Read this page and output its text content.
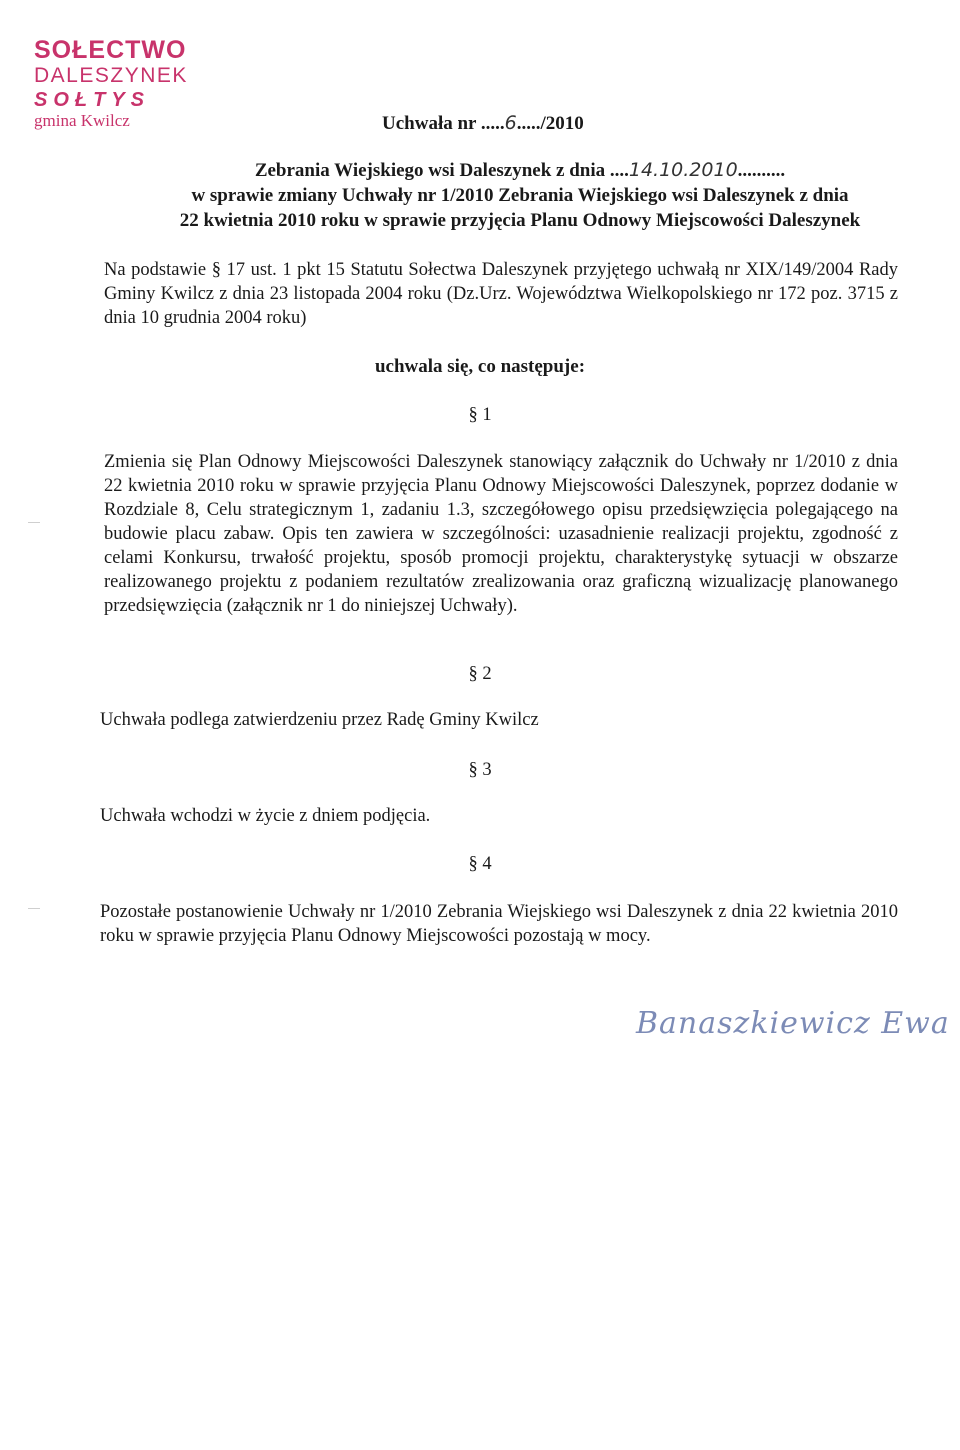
SOŁECTWO
DALESZYNEK
SOŁTYS
gmina Kwilcz	Uchwała nr .....6...../2010
Zebrania Wiejskiego wsi Daleszynek z dnia ....14.10.2010..........
w sprawie zmiany Uchwały nr 1/2010 Zebrania Wiejskiego wsi Daleszynek z dnia
22 kwietnia 2010 roku w sprawie przyjęcia Planu Odnowy Miejscowości Daleszynek
Na podstawie § 17 ust. 1 pkt 15 Statutu Sołectwa Daleszynek przyjętego uchwałą nr XIX/149/2004 Rady Gminy Kwilcz z dnia 23 listopada 2004 roku (Dz.Urz. Województwa Wielkopolskiego nr 172 poz. 3715 z dnia 10 grudnia 2004 roku)
uchwala się, co następuje:
§ 1
Zmienia się Plan Odnowy Miejscowości Daleszynek stanowiący załącznik do Uchwały nr 1/2010 z dnia 22 kwietnia 2010 roku w sprawie przyjęcia Planu Odnowy Miejscowości Daleszynek, poprzez dodanie w Rozdziale 8, Celu strategicznym 1, zadaniu 1.3, szczegółowego opisu przedsięwzięcia polegającego na budowie placu zabaw. Opis ten zawiera w szczególności: uzasadnienie realizacji projektu, zgodność z celami Konkursu, trwałość projektu, sposób promocji projektu, charakterystykę sytuacji w obszarze realizowanego projektu z podaniem rezultatów zrealizowania oraz graficzną wizualizację planowanego przedsięwzięcia (załącznik nr 1 do niniejszej Uchwały).
§ 2
Uchwała podlega zatwierdzeniu przez Radę Gminy Kwilcz
§ 3
Uchwała wchodzi w życie z dniem podjęcia.
§ 4
Pozostałe postanowienie Uchwały nr 1/2010 Zebrania Wiejskiego wsi Daleszynek z dnia 22 kwietnia 2010 roku w sprawie przyjęcia Planu Odnowy Miejscowości pozostają w mocy.
Banaszkiewicz Ewa
